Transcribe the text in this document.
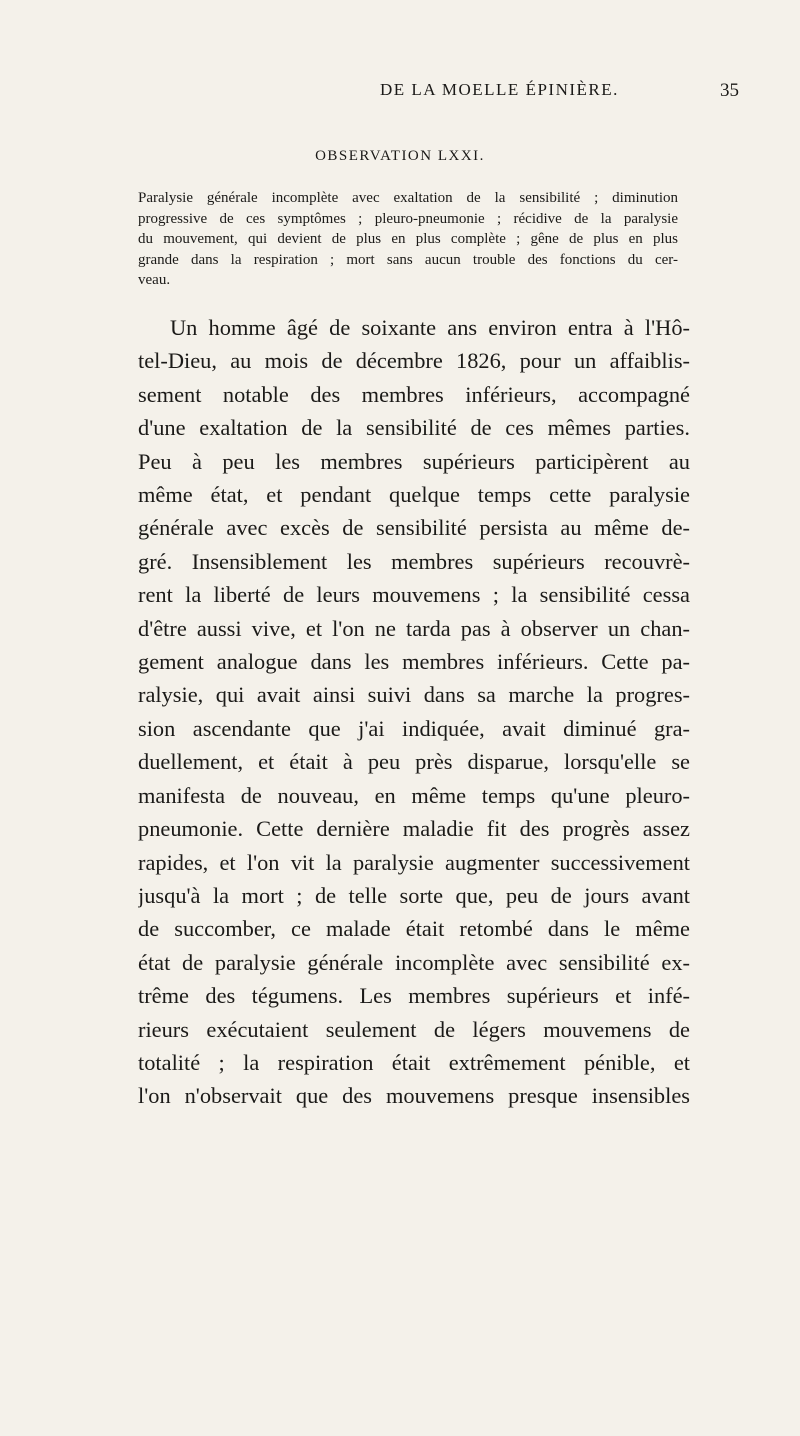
DE LA MOELLE ÉPINIÈRE.	35
OBSERVATION LXXI.
Paralysie générale incomplète avec exaltation de la sensibilité ; diminution
progressive de ces symptômes ; pleuro-pneumonie ; récidive de la paralysie
du mouvement, qui devient de plus en plus complète ; gêne de plus en plus
grande dans la respiration ; mort sans aucun trouble des fonctions du cer-
veau.
Un homme âgé de soixante ans environ entra à l'Hô-
tel-Dieu, au mois de décembre 1826, pour un affaiblis-
sement notable des membres inférieurs, accompagné
d'une exaltation de la sensibilité de ces mêmes parties.
Peu à peu les membres supérieurs participèrent au
même état, et pendant quelque temps cette paralysie
générale avec excès de sensibilité persista au même de-
gré. Insensiblement les membres supérieurs recouvrè-
rent la liberté de leurs mouvemens ; la sensibilité cessa
d'être aussi vive, et l'on ne tarda pas à observer un chan-
gement analogue dans les membres inférieurs. Cette pa-
ralysie, qui avait ainsi suivi dans sa marche la progres-
sion ascendante que j'ai indiquée, avait diminué gra-
duellement, et était à peu près disparue, lorsqu'elle se
manifesta de nouveau, en même temps qu'une pleuro-
pneumonie. Cette dernière maladie fit des progrès assez
rapides, et l'on vit la paralysie augmenter successivement
jusqu'à la mort ; de telle sorte que, peu de jours avant
de succomber, ce malade était retombé dans le même
état de paralysie générale incomplète avec sensibilité ex-
trême des tégumens. Les membres supérieurs et infé-
rieurs exécutaient seulement de légers mouvemens de
totalité ; la respiration était extrêmement pénible, et
l'on n'observait que des mouvemens presque insensibles
